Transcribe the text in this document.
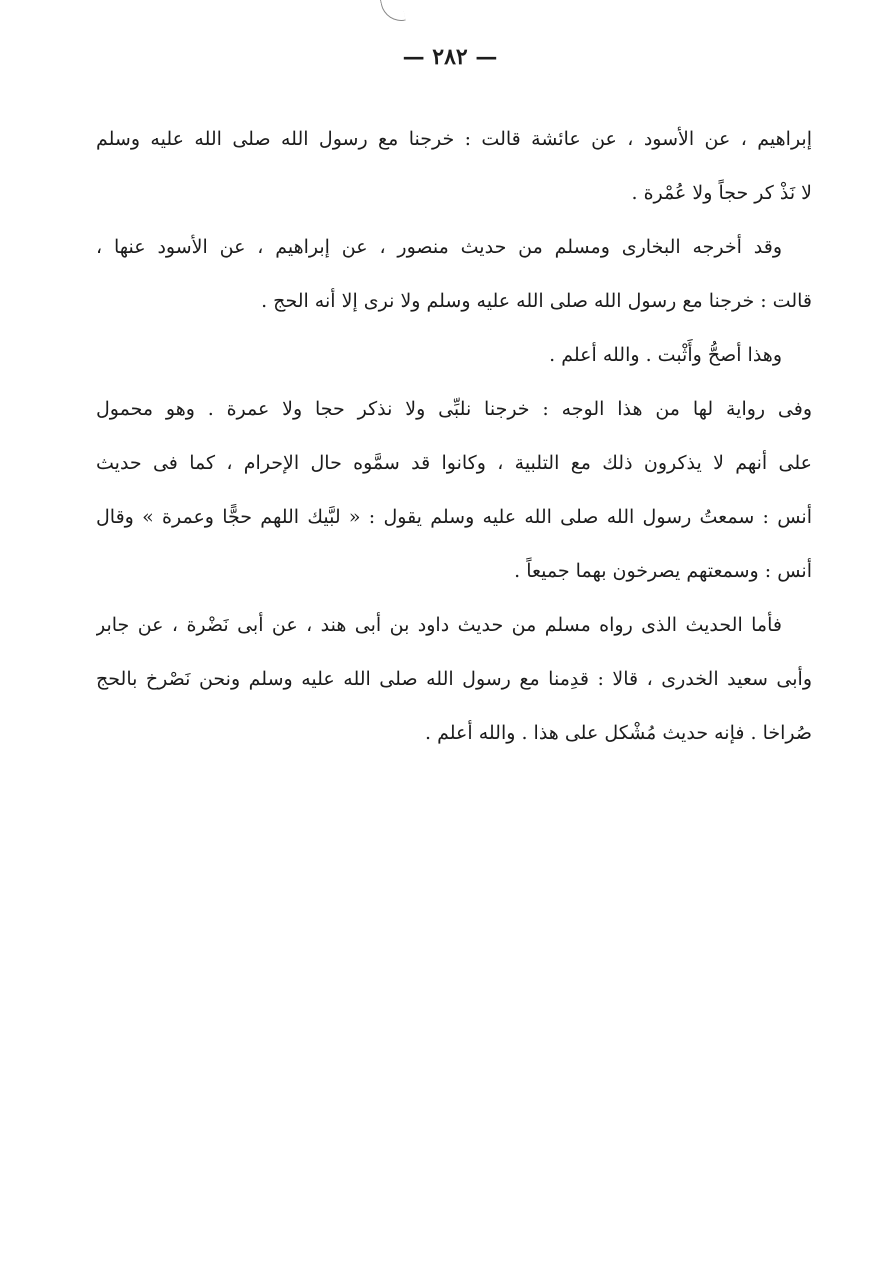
— ٢٨٢ —
إبراهيم ، عن الأسود ، عن عائشة قالت : خرجنا مع رسول الله صلى الله عليه وسلم
لا نَذْ كر حجاً ولا عُمْرة .
وقد أخرجه البخارى ومسلم من حديث منصور ، عن إبراهيم ، عن الأسود عنها ،
قالت : خرجنا مع رسول الله صلى الله عليه وسلم ولا نرى إلا أنه الحج .
وهذا أصحُّ وأَثْبت . والله أعلم .
وفى رواية لها من هذا الوجه : خرجنا نلبِّى ولا نذكر حجا ولا عمرة . وهو محمول
على أنهم لا يذكرون ذلك مع التلبية ، وكانوا قد سمَّوه حال الإحرام ، كما فى حديث
أنس : سمعتُ رسول الله صلى الله عليه وسلم يقول : « لبَّيك اللهم حجًّا وعمرة » وقال
أنس : وسمعتهم يصرخون بهما جميعاً .
فأما الحديث الذى رواه مسلم من حديث داود بن أبى هند ، عن أبى نَضْرة ، عن جابر
وأبى سعيد الخدرى ، قالا : قدِمنا مع رسول الله صلى الله عليه وسلم ونحن نَصْرخ بالحج
صُراخا . فإنه حديث مُشْكل على هذا . والله أعلم .
